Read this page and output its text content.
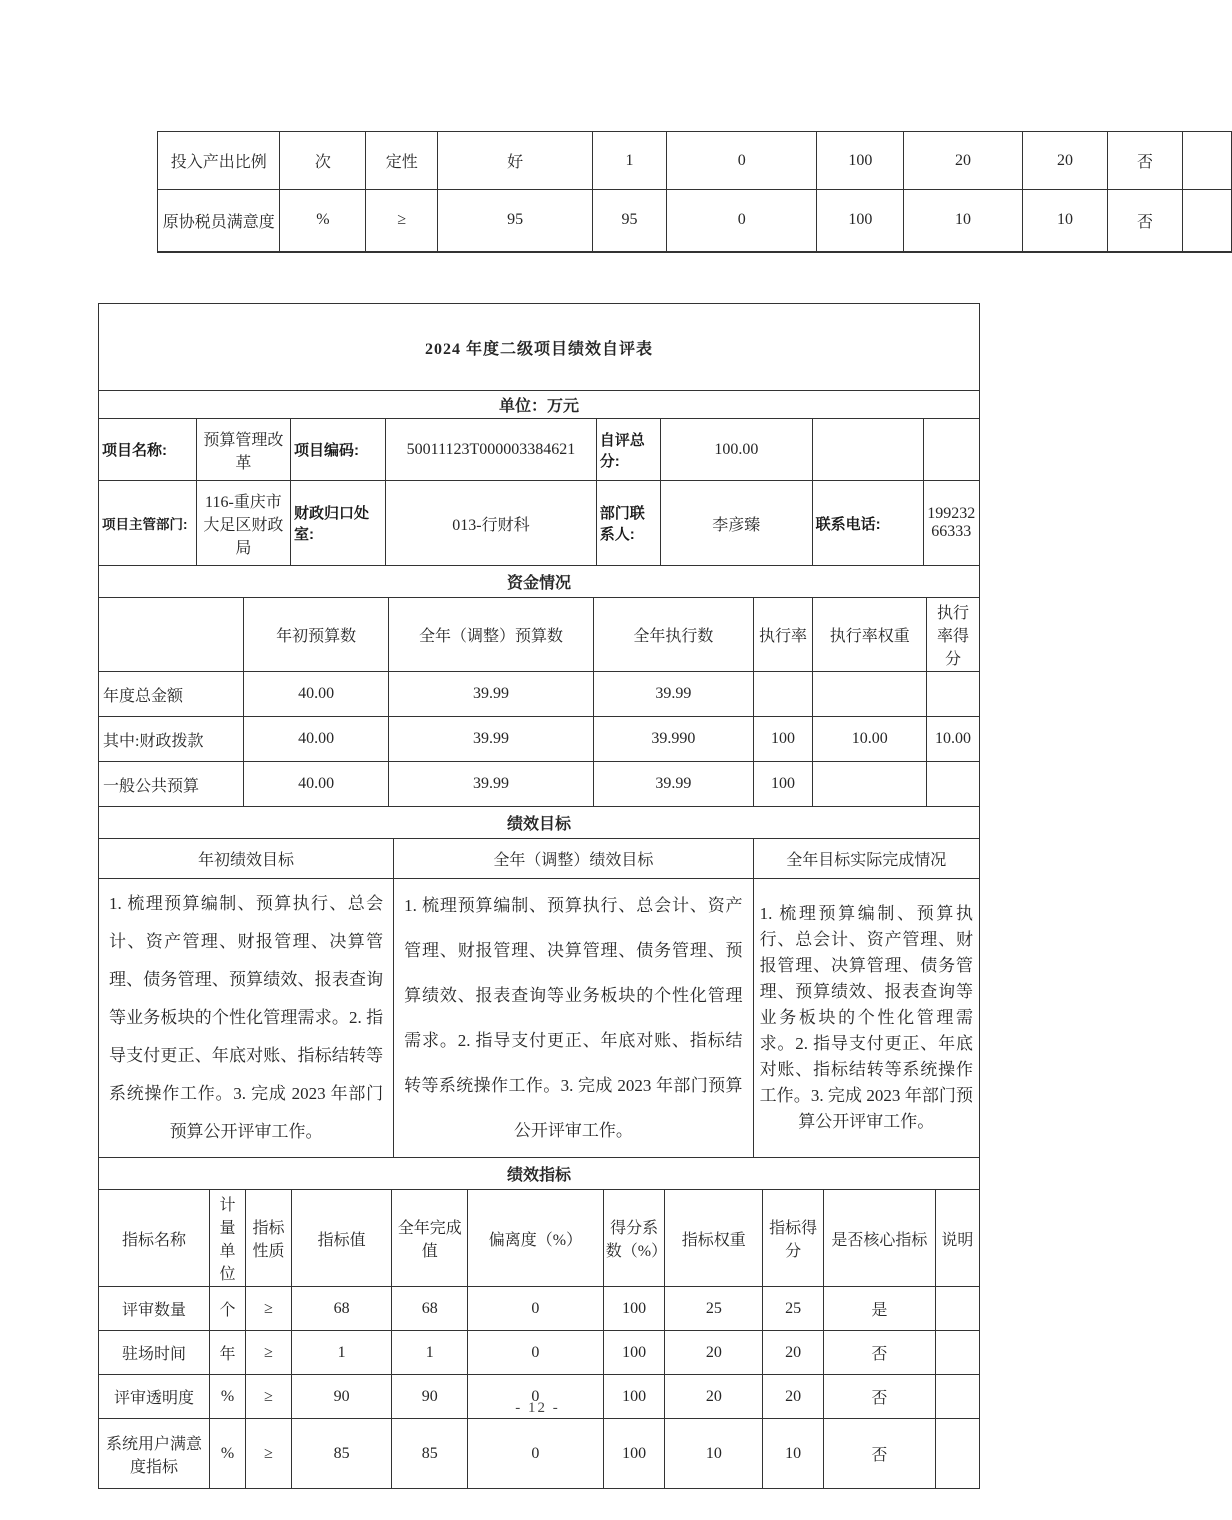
投入产出比例	次	定性	好	1	0	100	20	20	否	
原协税员满意度	%	≥	95	95	0	100	10	10	否	
2024 年度二级项目绩效自评表
单位：万元
项目名称:	预算管理改革	项目编码:	50011123T000003384621	自评总分:	100.00		
项目主管部门:	116-重庆市大足区财政局	财政归口处室:	013-行财科	部门联系人:	李彦臻	联系电话:	19923266333
资金情况
	年初预算数	全年（调整）预算数	全年执行数	执行率	执行率权重	执行率得分
年度总金额	40.00	39.99	39.99			
其中:财政拨款	40.00	39.99	39.990	100	10.00	10.00
一般公共预算	40.00	39.99	39.99	100		
绩效目标
年初绩效目标	全年（调整）绩效目标	全年目标实际完成情况
1. 梳理预算编制、预算执行、总会计、资产管理、财报管理、决算管理、债务管理、预算绩效、报表查询等业务板块的个性化管理需求。2. 指导支付更正、年底对账、指标结转等系统操作工作。3. 完成 2023 年部门预算公开评审工作。	1. 梳理预算编制、预算执行、总会计、资产管理、财报管理、决算管理、债务管理、预算绩效、报表查询等业务板块的个性化管理需求。2. 指导支付更正、年底对账、指标结转等系统操作工作。3. 完成 2023 年部门预算公开评审工作。	1. 梳理预算编制、预算执行、总会计、资产管理、财报管理、决算管理、债务管理、预算绩效、报表查询等业务板块的个性化管理需求。2. 指导支付更正、年底对账、指标结转等系统操作工作。3. 完成 2023 年部门预算公开评审工作。
绩效指标
指标名称	计量单位	指标性质	指标值	全年完成值	偏离度（%）	得分系数（%）	指标权重	指标得分	是否核心指标	说明
评审数量	个	≥	68	68	0	100	25	25	是	
驻场时间	年	≥	1	1	0	100	20	20	否	
评审透明度	%	≥	90	90	0	100	20	20	否	
系统用户满意度指标	%	≥	85	85	0	100	10	10	否	
- 12 -
